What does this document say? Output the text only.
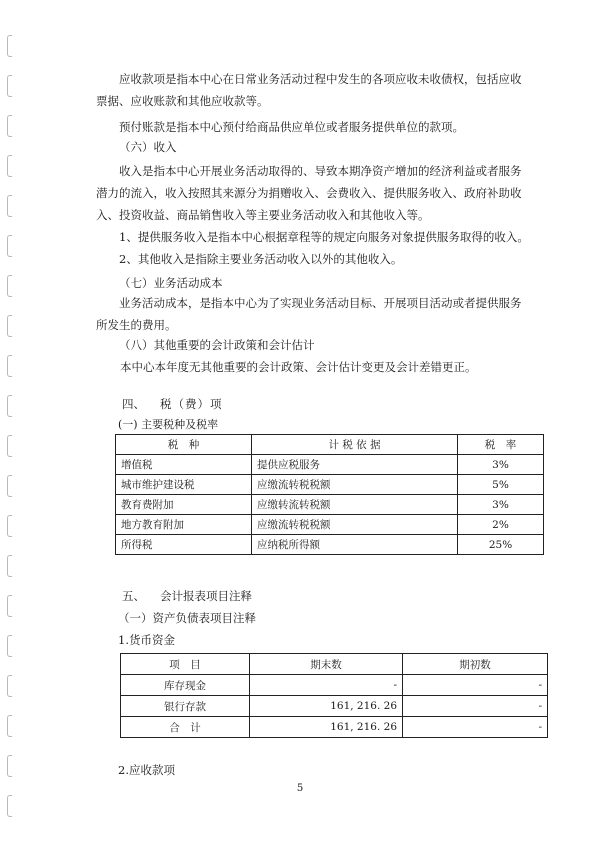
应收款项是指本中心在日常业务活动过程中发生的各项应收未收债权，包括应收
票据、应收账款和其他应收款等。
预付账款是指本中心预付给商品供应单位或者服务提供单位的款项。
（六）收入
收入是指本中心开展业务活动取得的、导致本期净资产增加的经济利益或者服务
潜力的流入，收入按照其来源分为捐赠收入、会费收入、提供服务收入、政府补助收
入、投资收益、商品销售收入等主要业务活动收入和其他收入等。
1、提供服务收入是指本中心根据章程等的规定向服务对象提供服务取得的收入。
2、其他收入是指除主要业务活动收入以外的其他收入。
（七）业务活动成本
业务活动成本，是指本中心为了实现业务活动目标、开展项目活动或者提供服务
所发生的费用。
（八）其他重要的会计政策和会计估计
本中心本年度无其他重要的会计政策、会计估计变更及会计差错更正。
四、 税（费）项
(一) 主要税种及税率
税　种	计 税 依 据	税　率
增值税	提供应税服务	3%
城市维护建设税	应缴流转税税额	5%
教育费附加	应缴转流转税额	3%
地方教育附加	应缴流转税税额	2%
所得税	应纳税所得额	25%
五、 会计报表项目注释
（一）资产负债表项目注释
1.货币资金
项　目	期末数	期初数
库存现金	-	-
银行存款	161, 216. 26	-
合　计	161, 216. 26	-
2.应收款项
5
